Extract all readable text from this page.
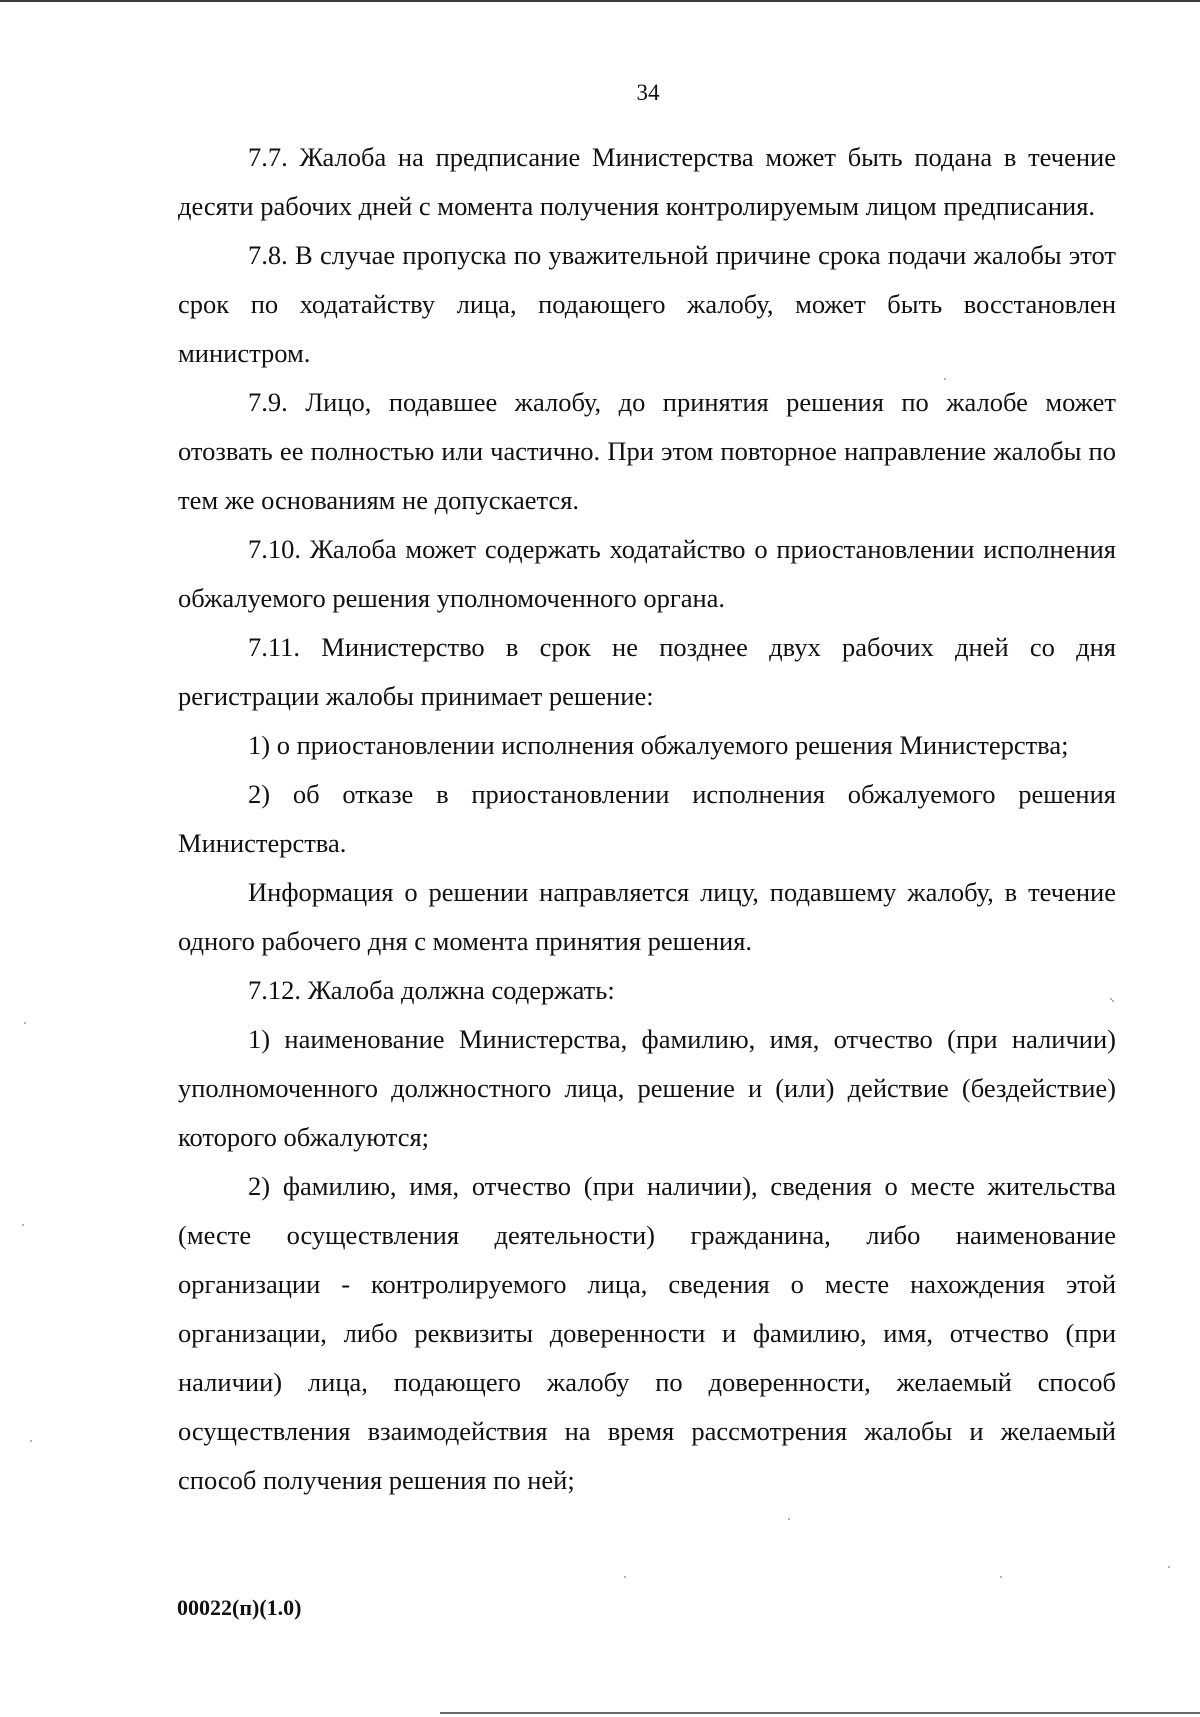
34

7.7. Жалоба на предписание Министерства может быть подана в течение десяти рабочих дней с момента получения контролируемым лицом предписания.

7.8. В случае пропуска по уважительной причине срока подачи жалобы этот срок по ходатайству лица, подающего жалобу, может быть восстановлен министром.

7.9. Лицо, подавшее жалобу, до принятия решения по жалобе может отозвать ее полностью или частично. При этом повторное направление жалобы по тем же основаниям не допускается.

7.10. Жалоба может содержать ходатайство о приостановлении исполнения обжалуемого решения уполномоченного органа.

7.11. Министерство в срок не позднее двух рабочих дней со дня регистрации жалобы принимает решение:

1) о приостановлении исполнения обжалуемого решения Министерства;

2) об отказе в приостановлении исполнения обжалуемого решения Министерства.

Информация о решении направляется лицу, подавшему жалобу, в течение одного рабочего дня с момента принятия решения.

7.12. Жалоба должна содержать:

1) наименование Министерства, фамилию, имя, отчество (при наличии) уполномоченного должностного лица, решение и (или) действие (бездействие) которого обжалуются;

2) фамилию, имя, отчество (при наличии), сведения о месте жительства (месте осуществления деятельности) гражданина, либо наименование организации - контролируемого лица, сведения о месте нахождения этой организации, либо реквизиты доверенности и фамилию, имя, отчество (при наличии) лица, подающего жалобу по доверенности, желаемый способ осуществления взаимодействия на время рассмотрения жалобы и желаемый способ получения решения по ней;

00022(п)(1.0)
